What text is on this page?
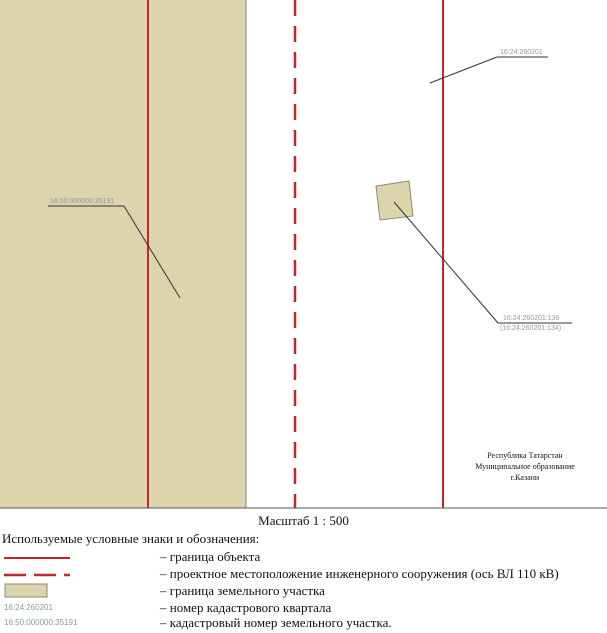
16:24:260201
16:50:000000:35191
16:24:260201:136
(16:24:260201:134)
Республика Татарстан
Муниципальное образование
г.Казани
Масштаб 1 : 500
Используемые условные знаки и обозначения:
– граница объекта
– проектное местоположение инженерного сооружения (ось ВЛ 110 кВ)
– граница земельного участка
16:24:260201	– номер кадастрового квартала
16:50:000000:35191	– кадастровый номер земельного участка.
